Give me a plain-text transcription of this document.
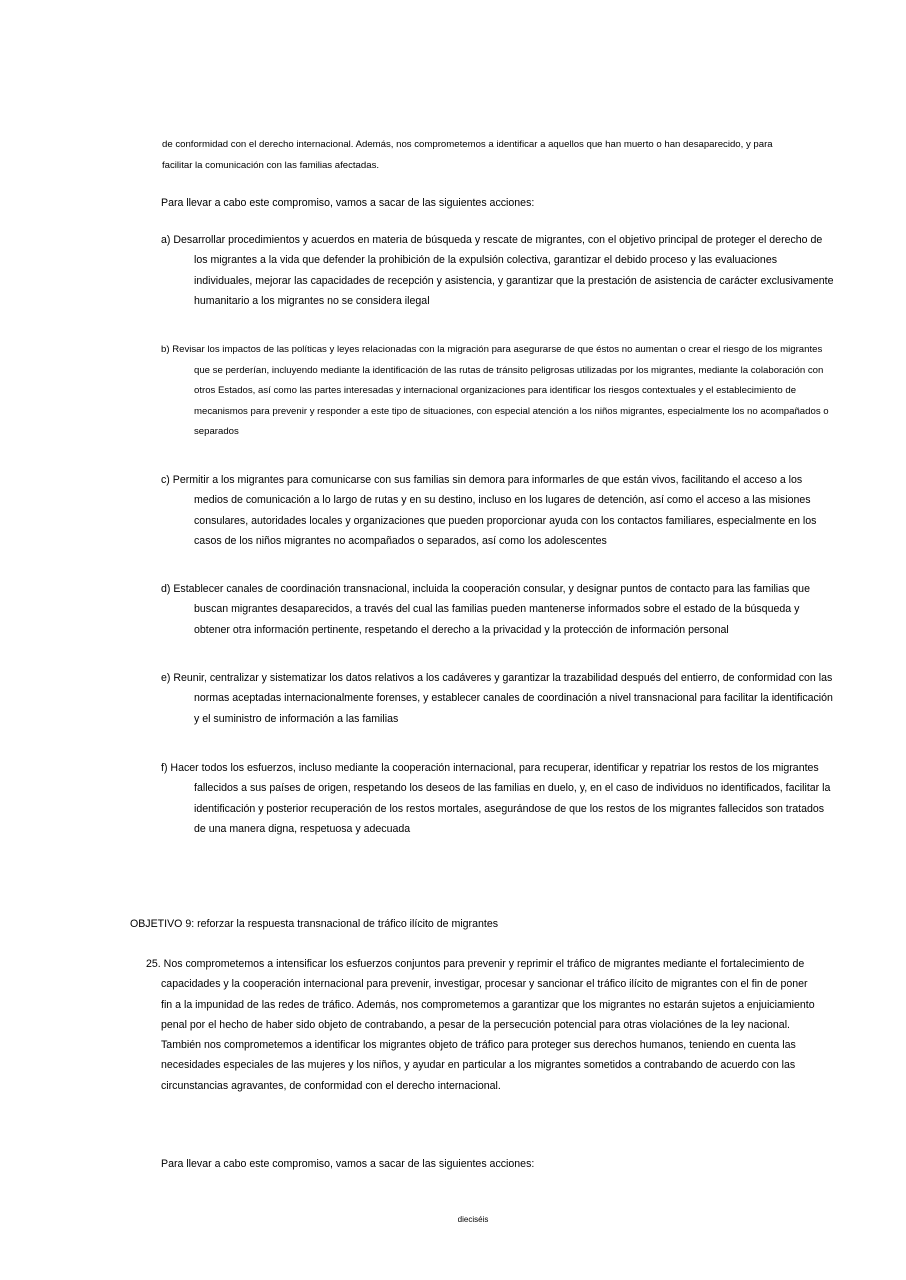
de conformidad con el derecho internacional. Además, nos comprometemos a identificar a aquellos que han muerto o han desaparecido, y para facilitar la comunicación con las familias afectadas.

Para llevar a cabo este compromiso, vamos a sacar de las siguientes acciones:

a) Desarrollar procedimientos y acuerdos en materia de búsqueda y rescate de migrantes, con el objetivo principal de proteger el derecho de los migrantes a la vida que defender la prohibición de la expulsión colectiva, garantizar el debido proceso y las evaluaciones individuales, mejorar las capacidades de recepción y asistencia, y garantizar que la prestación de asistencia de carácter exclusivamente humanitario a los migrantes no se considera ilegal

b) Revisar los impactos de las políticas y leyes relacionadas con la migración para asegurarse de que éstos no aumentan o crear el riesgo de los migrantes que se perderían, incluyendo mediante la identificación de las rutas de tránsito peligrosas utilizadas por los migrantes, mediante la colaboración con otros Estados, así como las partes interesadas y internacional organizaciones para identificar los riesgos contextuales y el establecimiento de mecanismos para prevenir y responder a este tipo de situaciones, con especial atención a los niños migrantes, especialmente los no acompañados o separados

c) Permitir a los migrantes para comunicarse con sus familias sin demora para informarles de que están vivos, facilitando el acceso a los medios de comunicación a lo largo de rutas y en su destino, incluso en los lugares de detención, así como el acceso a las misiones consulares, autoridades locales y organizaciones que pueden proporcionar ayuda con los contactos familiares, especialmente en los casos de los niños migrantes no acompañados o separados, así como los adolescentes

d) Establecer canales de coordinación transnacional, incluida la cooperación consular, y designar puntos de contacto para las familias que buscan migrantes desaparecidos, a través del cual las familias pueden mantenerse informados sobre el estado de la búsqueda y obtener otra información pertinente, respetando el derecho a la privacidad y la protección de información personal

e) Reunir, centralizar y sistematizar los datos relativos a los cadáveres y garantizar la trazabilidad después del entierro, de conformidad con las normas aceptadas internacionalmente forenses, y establecer canales de coordinación a nivel transnacional para facilitar la identificación y el suministro de información a las familias

f) Hacer todos los esfuerzos, incluso mediante la cooperación internacional, para recuperar, identificar y repatriar los restos de los migrantes fallecidos a sus países de origen, respetando los deseos de las familias en duelo, y, en el caso de individuos no identificados, facilitar la identificación y posterior recuperación de los restos mortales, asegurándose de que los restos de los migrantes fallecidos son tratados de una manera digna, respetuosa y adecuada

OBJETIVO 9: reforzar la respuesta transnacional de tráfico ilícito de migrantes

25. Nos comprometemos a intensificar los esfuerzos conjuntos para prevenir y reprimir el tráfico de migrantes mediante el fortalecimiento de capacidades y la cooperación internacional para prevenir, investigar, procesar y sancionar el tráfico ilícito de migrantes con el fin de poner fin a la impunidad de las redes de tráfico. Además, nos comprometemos a garantizar que los migrantes no estarán sujetos a enjuiciamiento penal por el hecho de haber sido objeto de contrabando, a pesar de la persecución potencial para otras violaciónes de la ley nacional. También nos comprometemos a identificar los migrantes objeto de tráfico para proteger sus derechos humanos, teniendo en cuenta las necesidades especiales de las mujeres y los niños, y ayudar en particular a los migrantes sometidos a contrabando de acuerdo con las circunstancias agravantes, de conformidad con el derecho internacional.

Para llevar a cabo este compromiso, vamos a sacar de las siguientes acciones:

dieciséis
